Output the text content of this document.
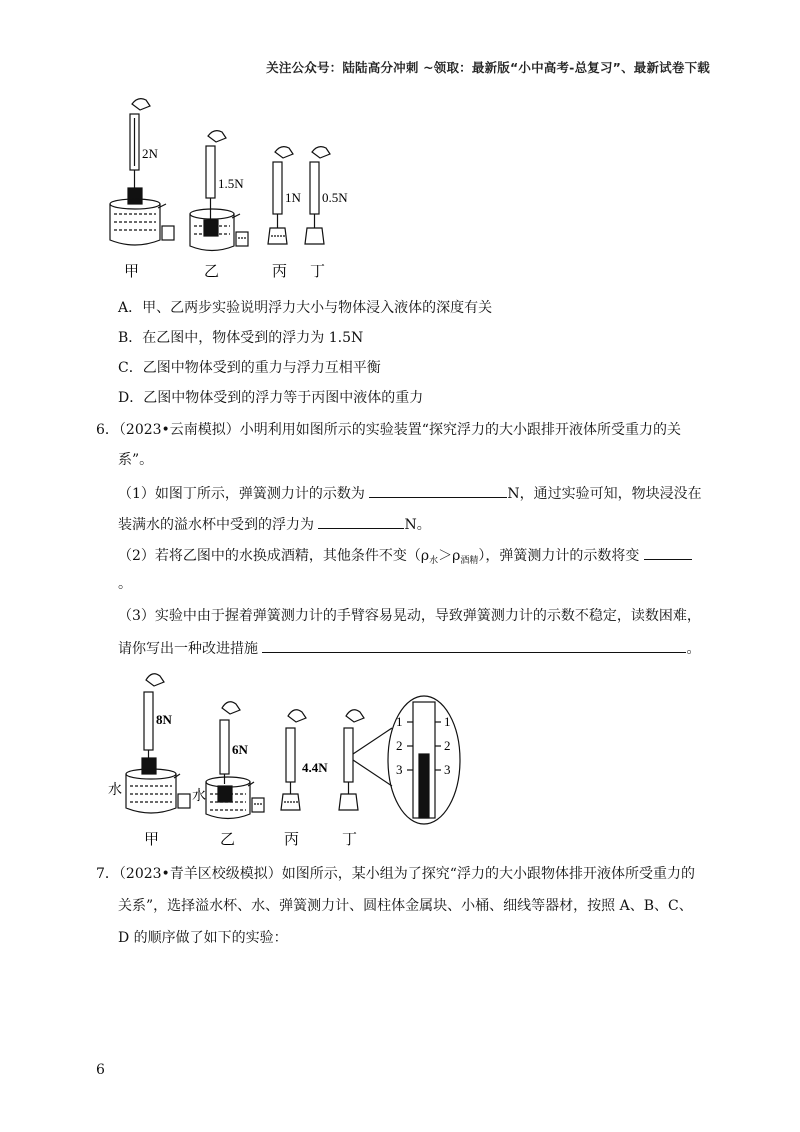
关注公众号：陆陆高分冲刺 ~领取：最新版“小中高考-总复习”、最新试卷下载
2N
1.5N
1N 0.5N
甲	乙	丙 丁
A．甲、乙两步实验说明浮力大小与物体浸入液体的深度有关
B．在乙图中，物体受到的浮力为 1.5N
C．乙图中物体受到的重力与浮力互相平衡
D．乙图中物体受到的浮力等于丙图中液体的重力
6．（2023•云南模拟）小明利用如图所示的实验装置“探究浮力的大小跟排开液体所受重力的关
系”。
（1）如图丁所示，弹簧测力计的示数为	N，通过实验可知，物块浸没在
装满水的溢水杯中受到的浮力为	N。
（2）若将乙图中的水换成酒精，其他条件不变$(\rho_水>\rho_{酒精})$，弹簧测力计的示数将变
。
（3）实验中由于握着弹簧测力计的手臂容易晃动，导致弹簧测力计的示数不稳定，读数困难，
请你写出一种改进措施	。
8N
6N
4.4N
水	水
1
2
3
1
2
3
甲	乙	丙	丁
7．（2023•青羊区校级模拟）如图所示，某小组为了探究“浮力的大小跟物体排开液体所受重力的
关系”，选择溢水杯、水、弹簧测力计、圆柱体金属块、小桶、细线等器材，按照 A、B、C、
D 的顺序做了如下的实验：
6
